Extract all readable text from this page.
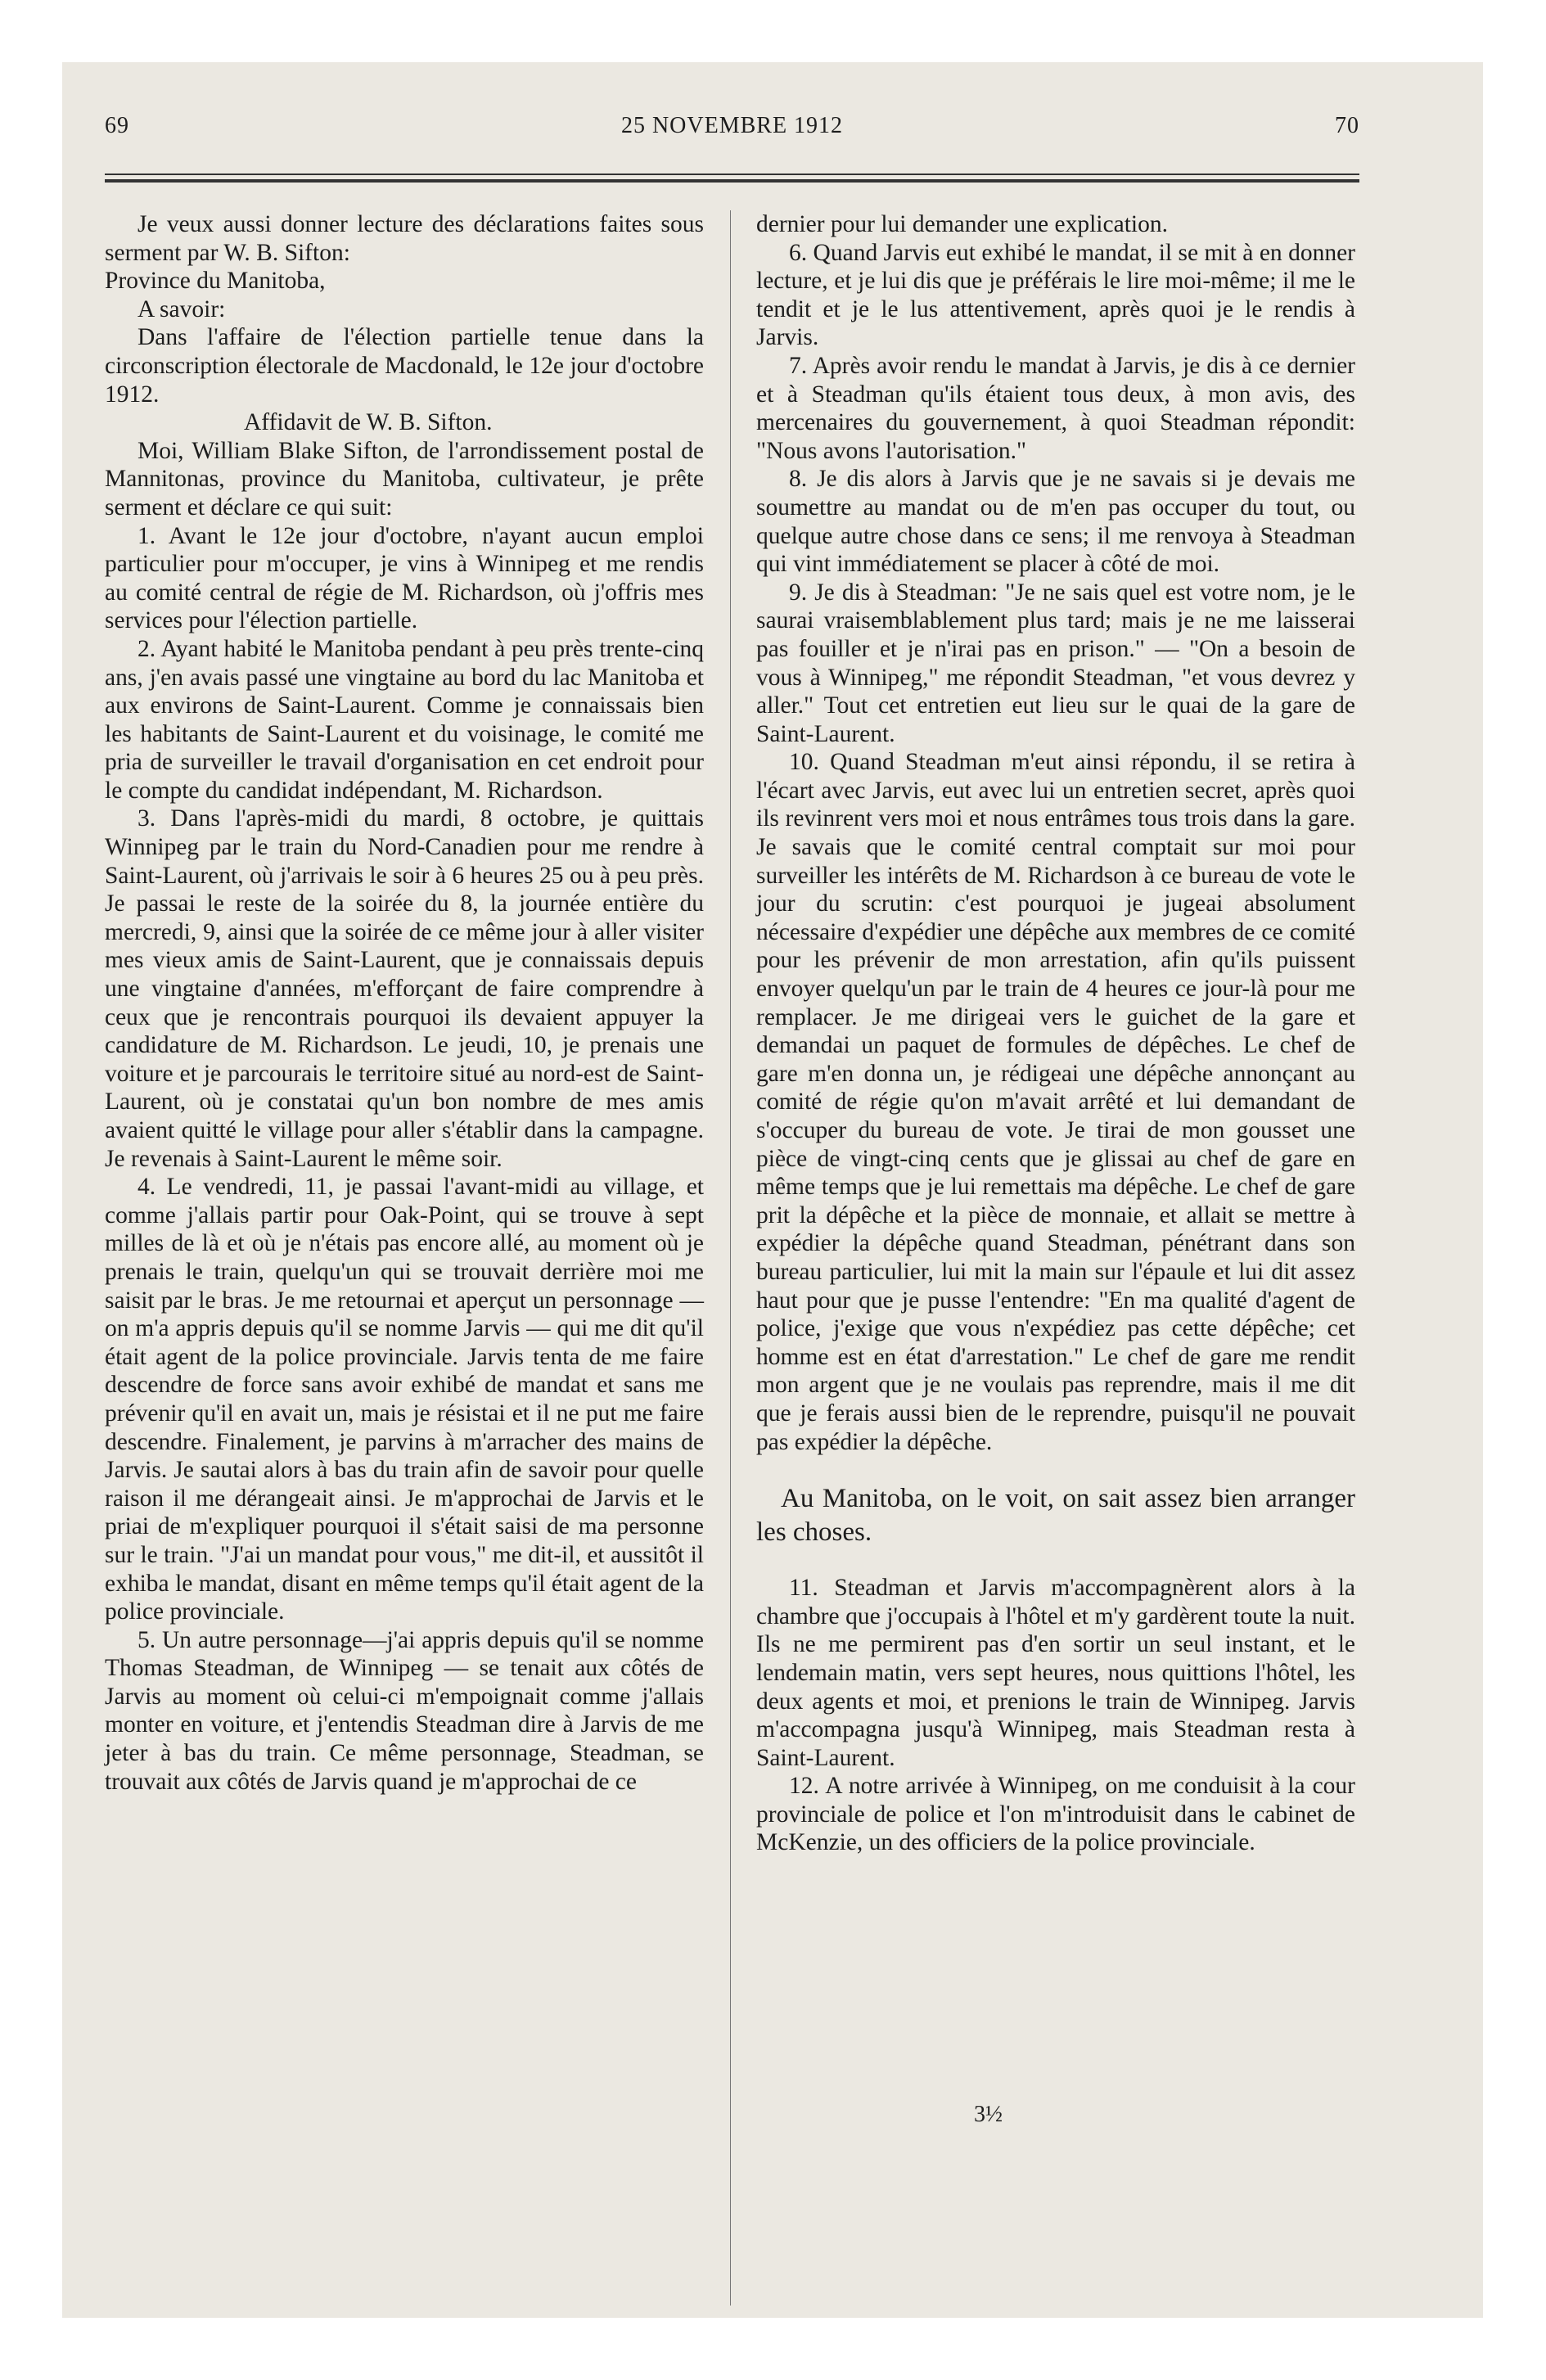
69	25 NOVEMBRE 1912	70

Je veux aussi donner lecture des déclarations faites sous serment par W. B. Sifton:

Province du Manitoba,

A savoir:

Dans l'affaire de l'élection partielle tenue dans la circonscription électorale de Macdonald, le 12e jour d'octobre 1912.

Affidavit de W. B. Sifton.

Moi, William Blake Sifton, de l'arrondissement postal de Mannitonas, province du Manitoba, cultivateur, je prête serment et déclare ce qui suit:

1. Avant le 12e jour d'octobre, n'ayant aucun emploi particulier pour m'occuper, je vins à Winnipeg et me rendis au comité central de régie de M. Richardson, où j'offris mes services pour l'élection partielle.

2. Ayant habité le Manitoba pendant à peu près trente-cinq ans, j'en avais passé une vingtaine au bord du lac Manitoba et aux environs de Saint-Laurent. Comme je connaissais bien les habitants de Saint-Laurent et du voisinage, le comité me pria de surveiller le travail d'organisation en cet endroit pour le compte du candidat indépendant, M. Richardson.

3. Dans l'après-midi du mardi, 8 octobre, je quittais Winnipeg par le train du Nord-Canadien pour me rendre à Saint-Laurent, où j'arrivais le soir à 6 heures 25 ou à peu près. Je passai le reste de la soirée du 8, la journée entière du mercredi, 9, ainsi que la soirée de ce même jour à aller visiter mes vieux amis de Saint-Laurent, que je connaissais depuis une vingtaine d'années, m'efforçant de faire comprendre à ceux que je rencontrais pourquoi ils devaient appuyer la candidature de M. Richardson. Le jeudi, 10, je prenais une voiture et je parcourais le territoire situé au nord-est de Saint-Laurent, où je constatai qu'un bon nombre de mes amis avaient quitté le village pour aller s'établir dans la campagne. Je revenais à Saint-Laurent le même soir.

4. Le vendredi, 11, je passai l'avant-midi au village, et comme j'allais partir pour Oak-Point, qui se trouve à sept milles de là et où je n'étais pas encore allé, au moment où je prenais le train, quelqu'un qui se trouvait derrière moi me saisit par le bras. Je me retournai et aperçut un personnage — on m'a appris depuis qu'il se nomme Jarvis — qui me dit qu'il était agent de la police provinciale. Jarvis tenta de me faire descendre de force sans avoir exhibé de mandat et sans me prévenir qu'il en avait un, mais je résistai et il ne put me faire descendre. Finalement, je parvins à m'arracher des mains de Jarvis. Je sautai alors à bas du train afin de savoir pour quelle raison il me dérangeait ainsi. Je m'approchai de Jarvis et le priai de m'expliquer pourquoi il s'était saisi de ma personne sur le train. "J'ai un mandat pour vous," me dit-il, et aussitôt il exhiba le mandat, disant en même temps qu'il était agent de la police provinciale.

5. Un autre personnage—j'ai appris depuis qu'il se nomme Thomas Steadman, de Winnipeg — se tenait aux côtés de Jarvis au moment où celui-ci m'empoignait comme j'allais monter en voiture, et j'entendis Steadman dire à Jarvis de me jeter à bas du train. Ce même personnage, Steadman, se trouvait aux côtés de Jarvis quand je m'approchai de ce

dernier pour lui demander une explication.

6. Quand Jarvis eut exhibé le mandat, il se mit à en donner lecture, et je lui dis que je préférais le lire moi-même; il me le tendit et je le lus attentivement, après quoi je le rendis à Jarvis.

7. Après avoir rendu le mandat à Jarvis, je dis à ce dernier et à Steadman qu'ils étaient tous deux, à mon avis, des mercenaires du gouvernement, à quoi Steadman répondit: "Nous avons l'autorisation."

8. Je dis alors à Jarvis que je ne savais si je devais me soumettre au mandat ou de m'en pas occuper du tout, ou quelque autre chose dans ce sens; il me renvoya à Steadman qui vint immédiatement se placer à côté de moi.

9. Je dis à Steadman: "Je ne sais quel est votre nom, je le saurai vraisemblablement plus tard; mais je ne me laisserai pas fouiller et je n'irai pas en prison." — "On a besoin de vous à Winnipeg," me répondit Steadman, "et vous devrez y aller." Tout cet entretien eut lieu sur le quai de la gare de Saint-Laurent.

10. Quand Steadman m'eut ainsi répondu, il se retira à l'écart avec Jarvis, eut avec lui un entretien secret, après quoi ils revinrent vers moi et nous entrâmes tous trois dans la gare. Je savais que le comité central comptait sur moi pour surveiller les intérêts de M. Richardson à ce bureau de vote le jour du scrutin: c'est pourquoi je jugeai absolument nécessaire d'expédier une dépêche aux membres de ce comité pour les prévenir de mon arrestation, afin qu'ils puissent envoyer quelqu'un par le train de 4 heures ce jour-là pour me remplacer. Je me dirigeai vers le guichet de la gare et demandai un paquet de formules de dépêches. Le chef de gare m'en donna un, je rédigeai une dépêche annonçant au comité de régie qu'on m'avait arrêté et lui demandant de s'occuper du bureau de vote. Je tirai de mon gousset une pièce de vingt-cinq cents que je glissai au chef de gare en même temps que je lui remettais ma dépêche. Le chef de gare prit la dépêche et la pièce de monnaie, et allait se mettre à expédier la dépêche quand Steadman, pénétrant dans son bureau particulier, lui mit la main sur l'épaule et lui dit assez haut pour que je pusse l'entendre: "En ma qualité d'agent de police, j'exige que vous n'expédiez pas cette dépêche; cet homme est en état d'arrestation." Le chef de gare me rendit mon argent que je ne voulais pas reprendre, mais il me dit que je ferais aussi bien de le reprendre, puisqu'il ne pouvait pas expédier la dépêche.

Au Manitoba, on le voit, on sait assez bien arranger les choses.

11. Steadman et Jarvis m'accompagnèrent alors à la chambre que j'occupais à l'hôtel et m'y gardèrent toute la nuit. Ils ne me permirent pas d'en sortir un seul instant, et le lendemain matin, vers sept heures, nous quittions l'hôtel, les deux agents et moi, et prenions le train de Winnipeg. Jarvis m'accompagna jusqu'à Winnipeg, mais Steadman resta à Saint-Laurent.

12. A notre arrivée à Winnipeg, on me conduisit à la cour provinciale de police et l'on m'introduisit dans le cabinet de McKenzie, un des officiers de la police provinciale.

3½
